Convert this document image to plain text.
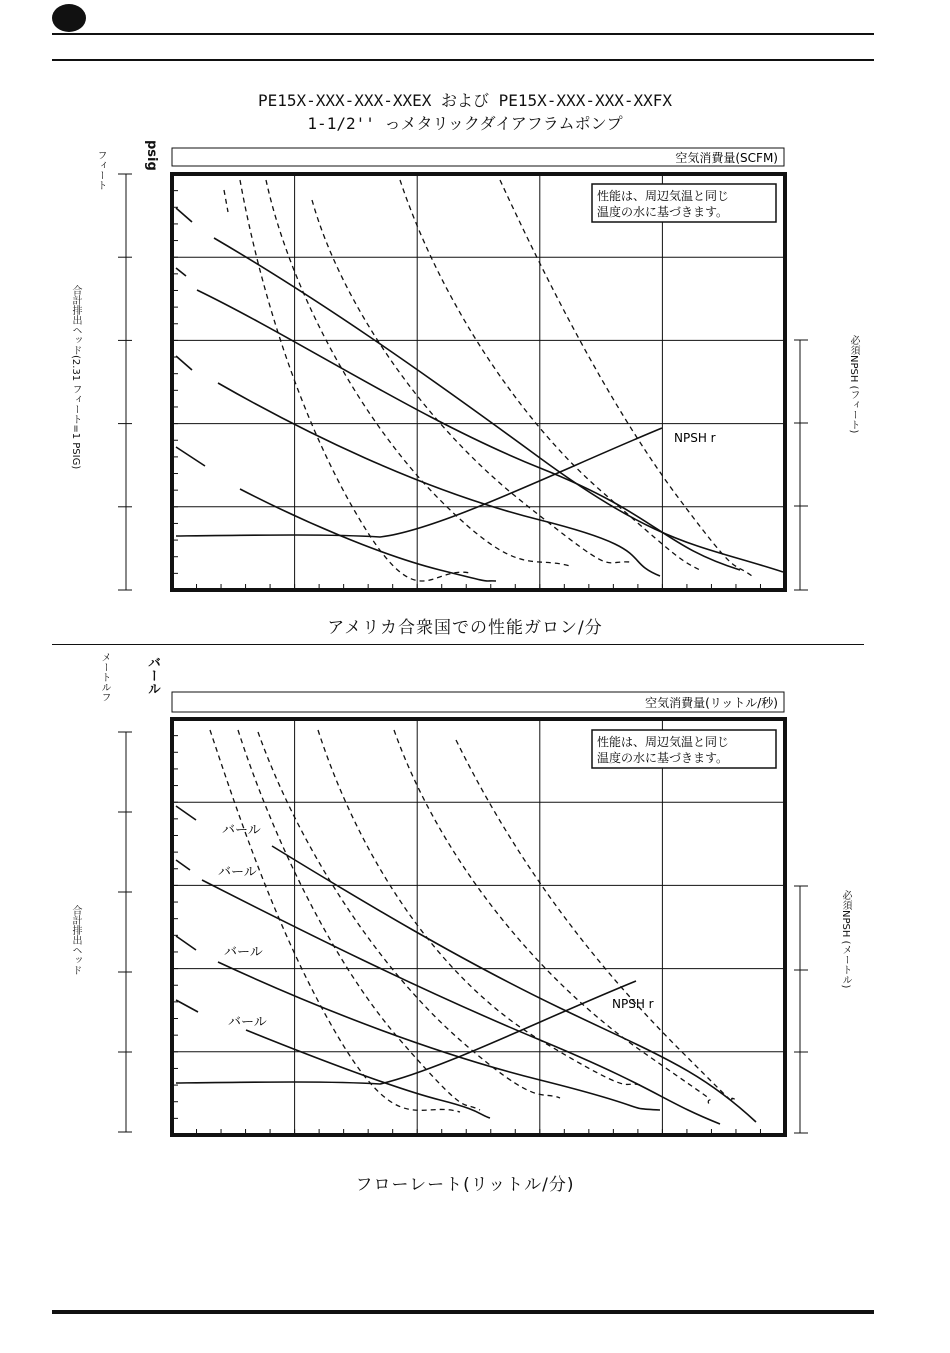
PE15X-XXX-XXX-XXEX および PE15X-XXX-XXX-XXFX
1-1/2'' っメタリックダイアフラムポンプ
フィート	psig
合計排出ヘッド(2.31 フィート=1 PSIG)	必須NPSH (フィート)
アメリカ合衆国での性能ガロン/分
メートルフ	バール
合計排出ヘッド	必須NPSH (メートル)
フローレート(リットル/分)
空気消費量(SCFM)
性能は、周辺気温と同じ
温度の水に基づきます。
NPSH r
空気消費量(リットル/秒)
性能は、周辺気温と同じ
温度の水に基づきます。
NPSH r
バール
バール
バール
バール
